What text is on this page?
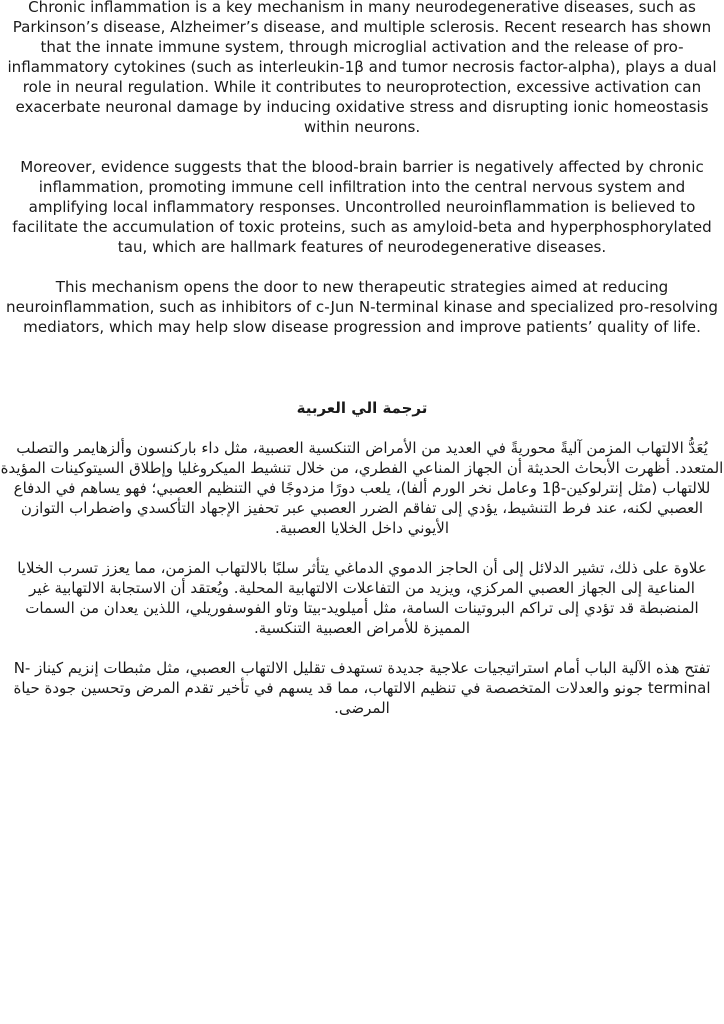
Chronic inflammation is a key mechanism in many neurodegenerative diseases, such as Parkinson’s disease, Alzheimer’s disease, and multiple sclerosis. Recent research has shown that the innate immune system, through microglial activation and the release of pro-inflammatory cytokines (such as interleukin-1β and tumor necrosis factor-alpha), plays a dual role in neural regulation. While it contributes to neuroprotection, excessive activation can exacerbate neuronal damage by inducing oxidative stress and disrupting ionic homeostasis within neurons.

Moreover, evidence suggests that the blood-brain barrier is negatively affected by chronic inflammation, promoting immune cell infiltration into the central nervous system and amplifying local inflammatory responses. Uncontrolled neuroinflammation is believed to facilitate the accumulation of toxic proteins, such as amyloid-beta and hyperphosphorylated tau, which are hallmark features of neurodegenerative diseases.

This mechanism opens the door to new therapeutic strategies aimed at reducing neuroinflammation, such as inhibitors of c-Jun N-terminal kinase and specialized pro-resolving mediators, which may help slow disease progression and improve patients’ quality of life.

ترجمة الي العربية

يُعَدُّ الالتهاب المزمن آليةً محوريةً في العديد من الأمراض التنكسية العصبية، مثل داء باركنسون وألزهايمر والتصلب المتعدد. أظهرت الأبحاث الحديثة أن الجهاز المناعي الفطري، من خلال تنشيط الميكروغليا وإطلاق السيتوكينات المؤيدة للالتهاب (مثل إنترلوكين-1β وعامل نخر الورم ألفا)، يلعب دورًا مزدوجًا في التنظيم العصبي؛ فهو يساهم في الدفاع العصبي لكنه، عند فرط التنشيط، يؤدي إلى تفاقم الضرر العصبي عبر تحفيز الإجهاد التأكسدي واضطراب التوازن الأيوني داخل الخلايا العصبية.

علاوة على ذلك، تشير الدلائل إلى أن الحاجز الدموي الدماغي يتأثر سلبًا بالالتهاب المزمن، مما يعزز تسرب الخلايا المناعية إلى الجهاز العصبي المركزي، ويزيد من التفاعلات الالتهابية المحلية. ويُعتقد أن الاستجابة الالتهابية غير المنضبطة قد تؤدي إلى تراكم البروتينات السامة، مثل أميلويد-بيتا وتاو الفوسفوريلي، اللذين يعدان من السمات المميزة للأمراض العصبية التنكسية.

تفتح هذه الآلية الباب أمام استراتيجيات علاجية جديدة تستهدف تقليل الالتهاب العصبي، مثل مثبطات إنزيم كيناز N-terminal جونو والعدلات المتخصصة في تنظيم الالتهاب، مما قد يسهم في تأخير تقدم المرض وتحسين جودة حياة المرضى.
